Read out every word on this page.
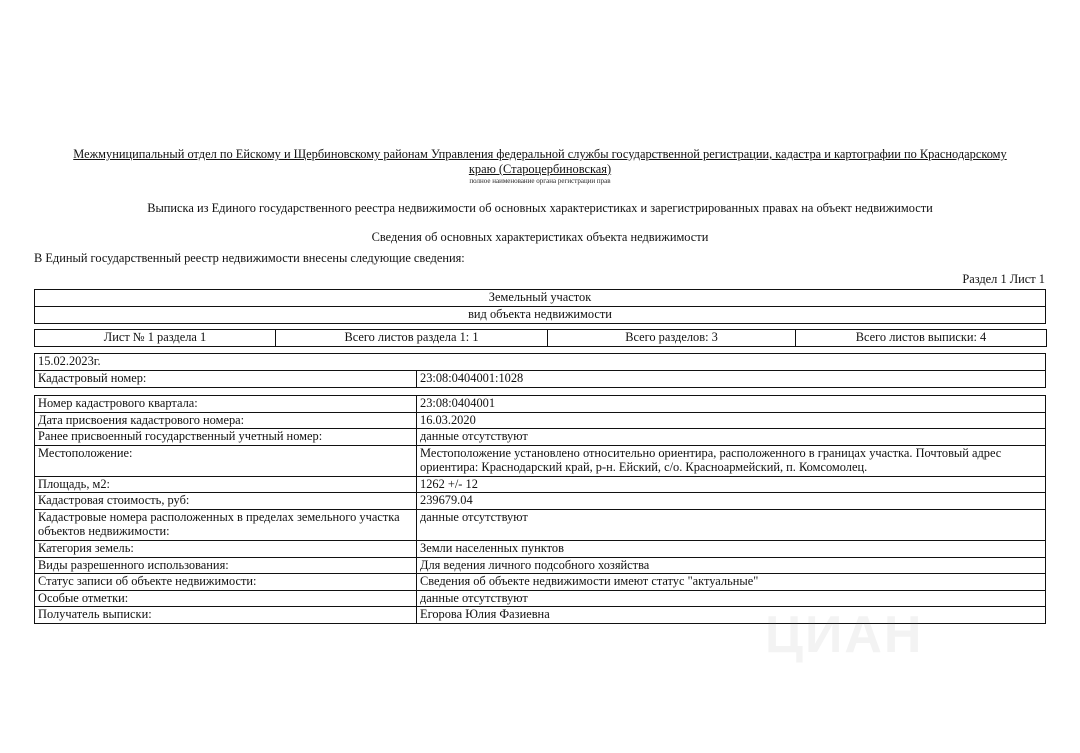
Межмуниципальный отдел по Ейскому и Щербиновскому районам Управления федеральной службы государственной регистрации, кадастра и картографии по Краснодарскому краю (Староцербиновская)
полное наименование органа регистрации прав
Выписка из Единого государственного реестра недвижимости об основных характеристиках и зарегистрированных правах на объект недвижимости
Сведения об основных характеристиках объекта недвижимости
В Единый государственный реестр недвижимости внесены следующие сведения:
Раздел 1 Лист 1
Земельный участок
вид объекта недвижимости
Лист № 1 раздела 1	Всего листов раздела 1: 1	Всего разделов: 3	Всего листов выписки: 4
15.02.2023г.
Кадастровый номер:	23:08:0404001:1028
Номер кадастрового квартала:	23:08:0404001
Дата присвоения кадастрового номера:	16.03.2020
Ранее присвоенный государственный учетный номер:	данные отсутствуют
Местоположение:	Местоположение установлено относительно ориентира, расположенного в границах участка. Почтовый адрес ориентира: Краснодарский край, р-н. Ейский, с/о. Красноармейский, п. Комсомолец.
Площадь, м2:	1262 +/- 12
Кадастровая стоимость, руб:	239679.04
Кадастровые номера расположенных в пределах земельного участка объектов недвижимости:	данные отсутствуют
Категория земель:	Земли населенных пунктов
Виды разрешенного использования:	Для ведения личного подсобного хозяйства
Статус записи об объекте недвижимости:	Сведения об объекте недвижимости имеют статус "актуальные"
Особые отметки:	данные отсутствуют
Получатель выписки:	Егорова Юлия Фазиевна	ЦИАН
